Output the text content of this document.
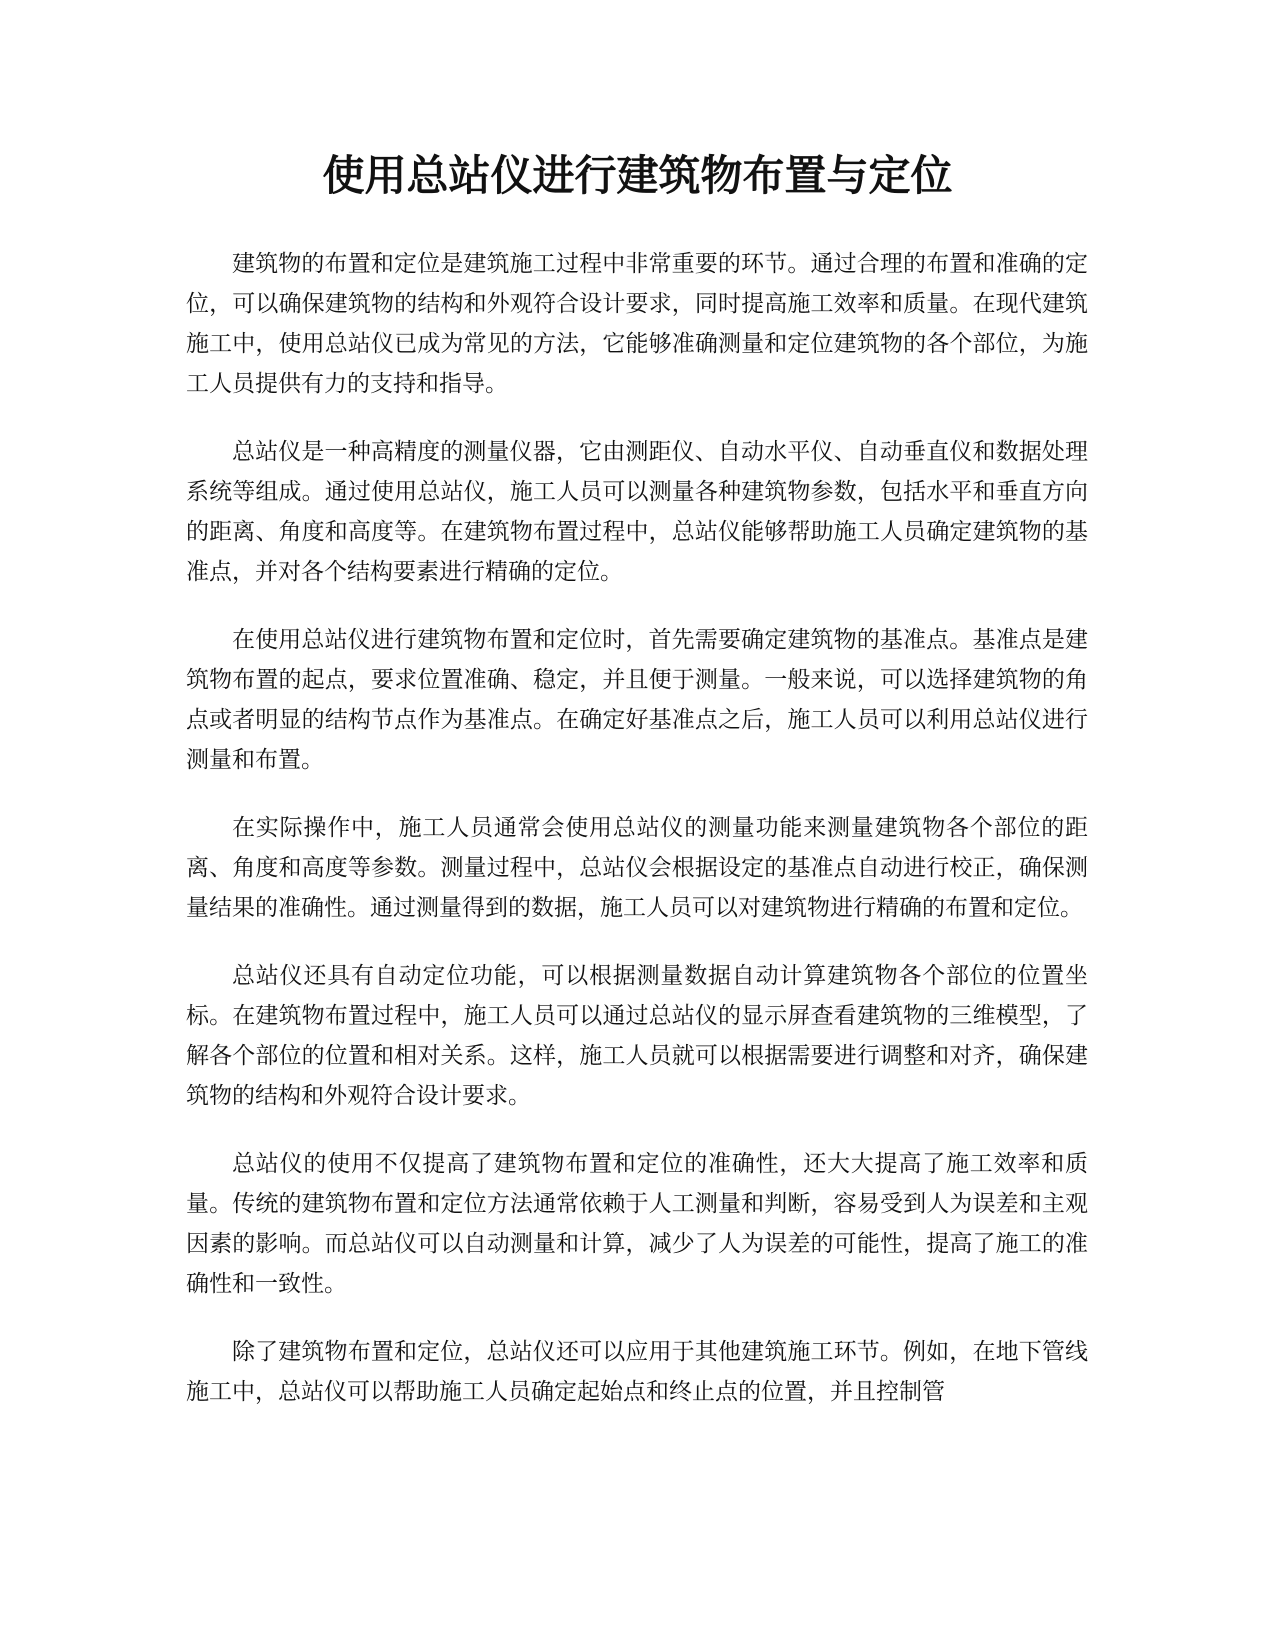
使用总站仪进行建筑物布置与定位

建筑物的布置和定位是建筑施工过程中非常重要的环节。通过合理的布置和准确的定位，可以确保建筑物的结构和外观符合设计要求，同时提高施工效率和质量。在现代建筑施工中，使用总站仪已成为常见的方法，它能够准确测量和定位建筑物的各个部位，为施工人员提供有力的支持和指导。

总站仪是一种高精度的测量仪器，它由测距仪、自动水平仪、自动垂直仪和数据处理系统等组成。通过使用总站仪，施工人员可以测量各种建筑物参数，包括水平和垂直方向的距离、角度和高度等。在建筑物布置过程中，总站仪能够帮助施工人员确定建筑物的基准点，并对各个结构要素进行精确的定位。

在使用总站仪进行建筑物布置和定位时，首先需要确定建筑物的基准点。基准点是建筑物布置的起点，要求位置准确、稳定，并且便于测量。一般来说，可以选择建筑物的角点或者明显的结构节点作为基准点。在确定好基准点之后，施工人员可以利用总站仪进行测量和布置。

在实际操作中，施工人员通常会使用总站仪的测量功能来测量建筑物各个部位的距离、角度和高度等参数。测量过程中，总站仪会根据设定的基准点自动进行校正，确保测量结果的准确性。通过测量得到的数据，施工人员可以对建筑物进行精确的布置和定位。

总站仪还具有自动定位功能，可以根据测量数据自动计算建筑物各个部位的位置坐标。在建筑物布置过程中，施工人员可以通过总站仪的显示屏查看建筑物的三维模型，了解各个部位的位置和相对关系。这样，施工人员就可以根据需要进行调整和对齐，确保建筑物的结构和外观符合设计要求。

总站仪的使用不仅提高了建筑物布置和定位的准确性，还大大提高了施工效率和质量。传统的建筑物布置和定位方法通常依赖于人工测量和判断，容易受到人为误差和主观因素的影响。而总站仪可以自动测量和计算，减少了人为误差的可能性，提高了施工的准确性和一致性。

除了建筑物布置和定位，总站仪还可以应用于其他建筑施工环节。例如，在地下管线施工中，总站仪可以帮助施工人员确定起始点和终止点的位置，并且控制管
